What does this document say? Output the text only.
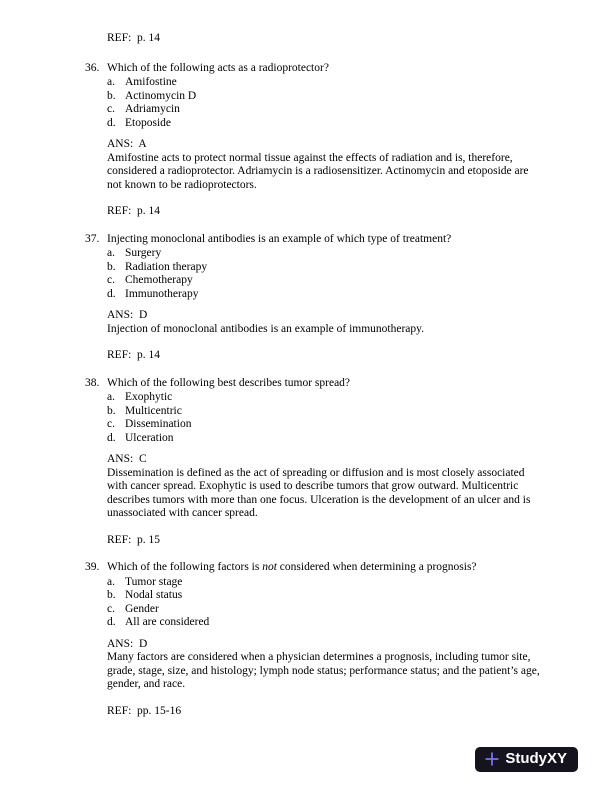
REF:  p. 14
36. Which of the following acts as a radioprotector?
a. Amifostine
b. Actinomycin D
c. Adriamycin
d. Etoposide
ANS:  A
Amifostine acts to protect normal tissue against the effects of radiation and is, therefore, considered a radioprotector. Adriamycin is a radiosensitizer. Actinomycin and etoposide are not known to be radioprotectors.
REF:  p. 14
37. Injecting monoclonal antibodies is an example of which type of treatment?
a. Surgery
b. Radiation therapy
c. Chemotherapy
d. Immunotherapy
ANS:  D
Injection of monoclonal antibodies is an example of immunotherapy.
REF:  p. 14
38. Which of the following best describes tumor spread?
a. Exophytic
b. Multicentric
c. Dissemination
d. Ulceration
ANS:  C
Dissemination is defined as the act of spreading or diffusion and is most closely associated with cancer spread. Exophytic is used to describe tumors that grow outward. Multicentric describes tumors with more than one focus. Ulceration is the development of an ulcer and is unassociated with cancer spread.
REF:  p. 15
39. Which of the following factors is not considered when determining a prognosis?
a. Tumor stage
b. Nodal status
c. Gender
d. All are considered
ANS:  D
Many factors are considered when a physician determines a prognosis, including tumor site, grade, stage, size, and histology; lymph node status; performance status; and the patient’s age, gender, and race.
REF:  pp. 15-16
StudyXY
